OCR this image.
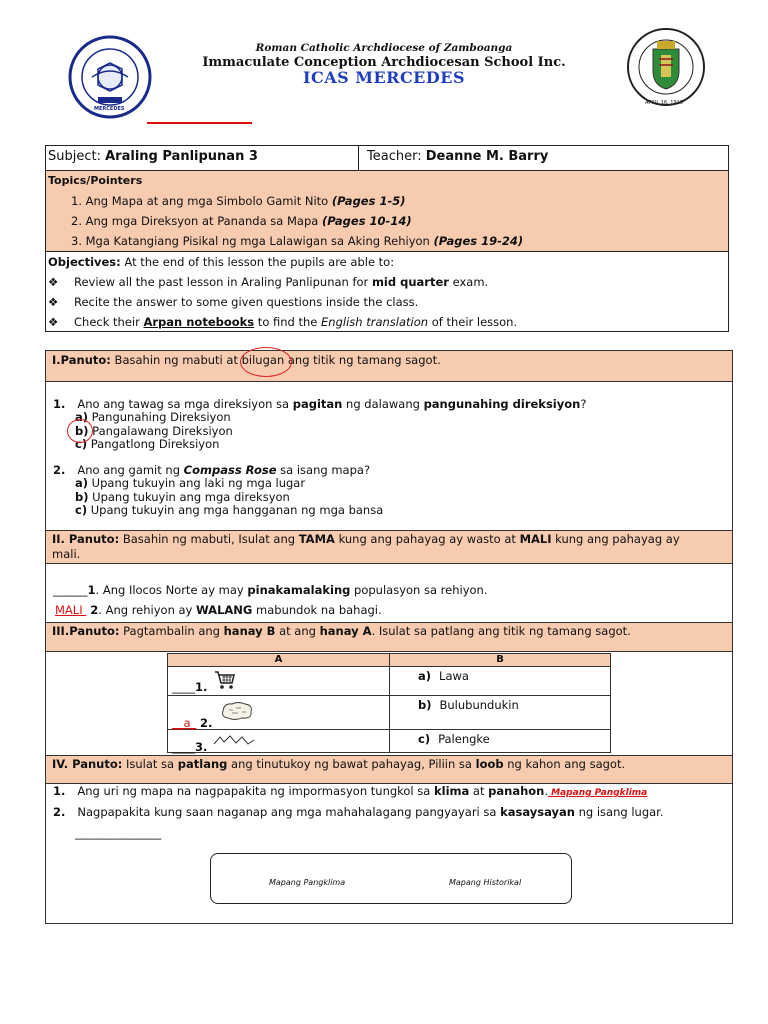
MERCEDES
APRIL 16, 1910
Roman Catholic Archdiocese of Zamboanga
Immaculate Conception Archdiocesan School Inc.
ICAS MERCEDES
Subject: Araling Panlipunan 3	Teacher: Deanne M. Barry
Topics/Pointers
1. Ang Mapa at ang mga Simbolo Gamit Nito (Pages 1-5)
2. Ang mga Direksyon at Pananda sa Mapa (Pages 10-14)
3. Mga Katangiang Pisikal ng mga Lalawigan sa Aking Rehiyon (Pages 19-24)
Objectives: At the end of this lesson the pupils are able to:
❖ Review all the past lesson in Araling Panlipunan for mid quarter exam.
❖ Recite the answer to some given questions inside the class.
❖ Check their Arpan notebooks to find the English translation of their lesson.
I.Panuto: Basahin ng mabuti at bilugan ang titik ng tamang sagot.
1. Ano ang tawag sa mga direksiyon sa pagitan ng dalawang pangunahing direksiyon?
a) Pangunahing Direksiyon
b) Pangalawang Direksiyon
c) Pangatlong Direksiyon
2. Ano ang gamit ng Compass Rose sa isang mapa?
a) Upang tukuyin ang laki ng mga lugar
b) Upang tukuyin ang mga direksyon
c) Upang tukuyin ang mga hangganan ng mga bansa
II. Panuto: Basahin ng mabuti, Isulat ang TAMA kung ang pahayag ay wasto at MALI kung ang pahayag ay
mali.
______1. Ang Ilocos Norte ay may pinakamalaking populasyon sa rehiyon.
MALI 2. Ang rehiyon ay WALANG mabundok na bahagi.
III.Panuto: Pagtambalin ang hanay B at ang hanay A. Isulat sa patlang ang titik ng tamang sagot.
A	B

____1.	a) Lawa

__a_ 2.	b) Bulubundukin

____3.	c) Palengke
IV. Panuto: Isulat sa patlang ang tinutukoy ng bawat pahayag, Piliin sa loob ng kahon ang sagot.
1. Ang uri ng mapa na nagpapakita ng impormasyon tungkol sa klima at panahon. Mapang Pangklima
2. Nagpapakita kung saan naganap ang mga mahahalagang pangyayari sa kasaysayan ng isang lugar.
_______________
Mapang Pangklima	Mapang Historikal
